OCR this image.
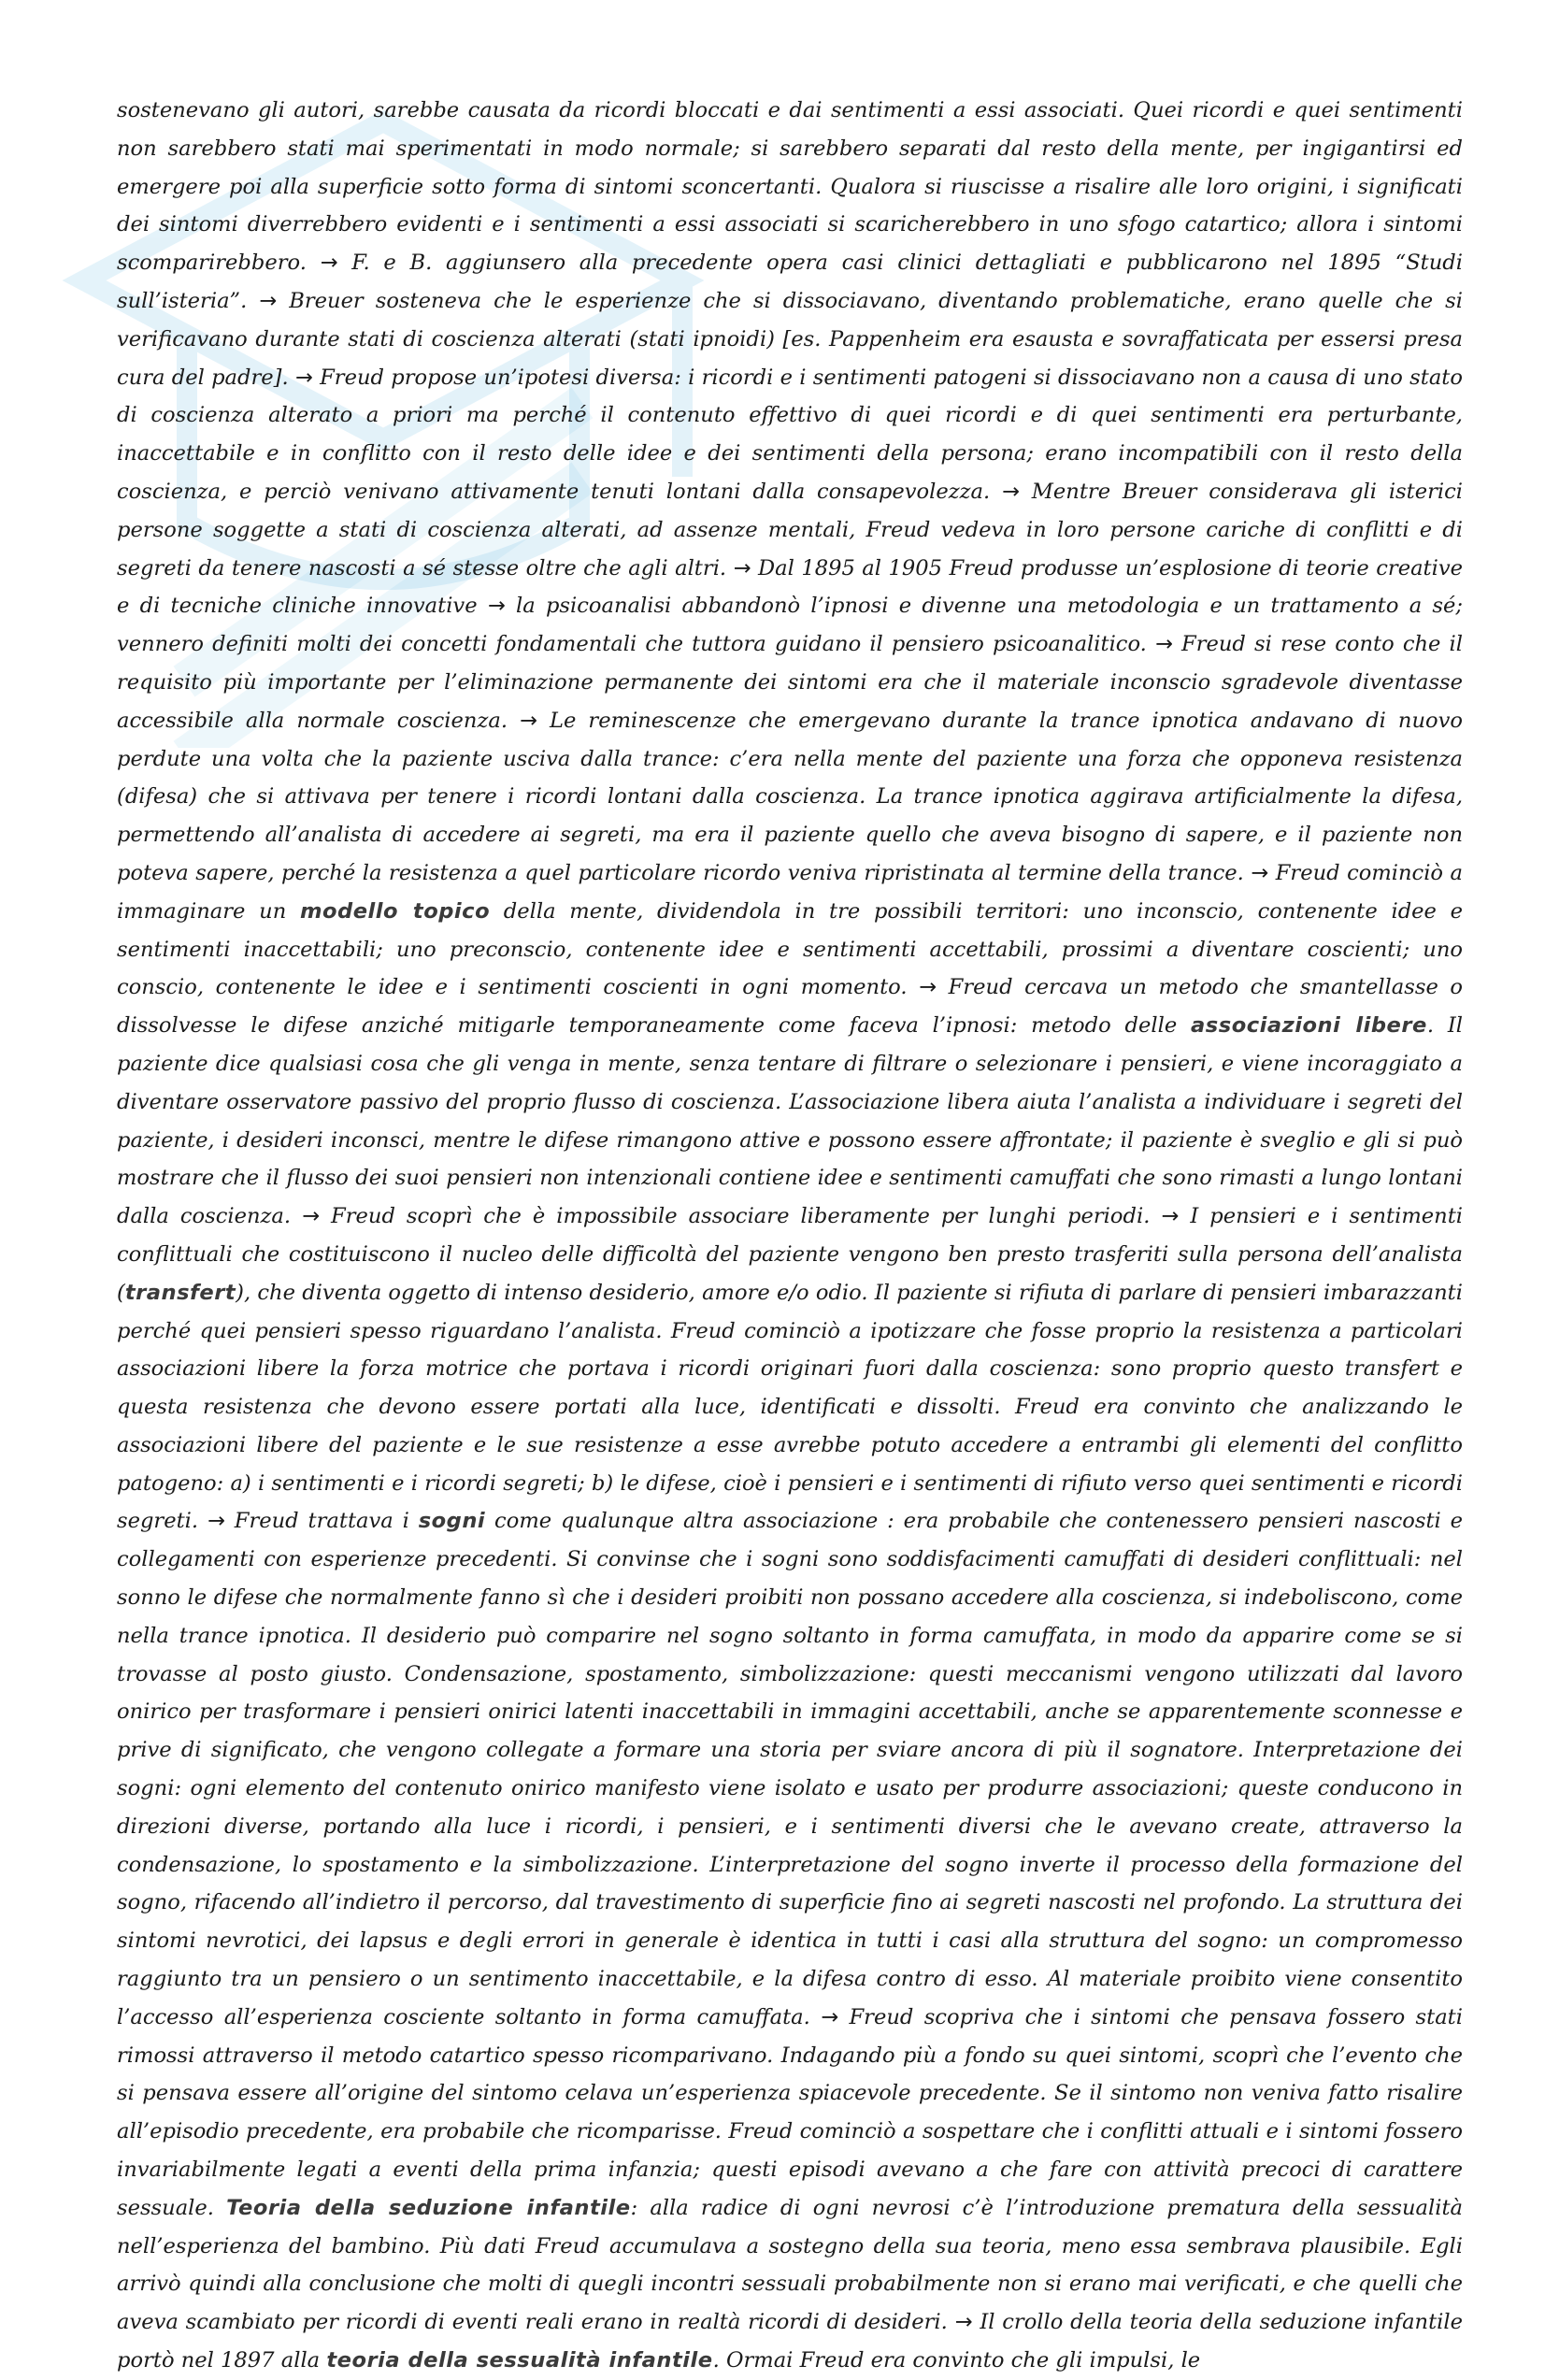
sostenevano gli autori, sarebbe causata da ricordi bloccati e dai sentimenti a essi associati. Quei ricordi e quei sentimenti non sarebbero stati mai sperimentati in modo normale; si sarebbero separati dal resto della mente, per ingigantirsi ed emergere poi alla superficie sotto forma di sintomi sconcertanti. Qualora si riuscisse a risalire alle loro origini, i significati dei sintomi diverrebbero evidenti e i sentimenti a essi associati si scaricherebbero in uno sfogo catartico; allora i sintomi scomparirebbero. → F. e B. aggiunsero alla precedente opera casi clinici dettagliati e pubblicarono nel 1895 “Studi sull’isteria”. → Breuer sosteneva che le esperienze che si dissociavano, diventando problematiche, erano quelle che si verificavano durante stati di coscienza alterati (stati ipnoidi) [es. Pappenheim era esausta e sovraffaticata per essersi presa cura del padre]. → Freud propose un’ipotesi diversa: i ricordi e i sentimenti patogeni si dissociavano non a causa di uno stato di coscienza alterato a priori ma perché il contenuto effettivo di quei ricordi e di quei sentimenti era perturbante, inaccettabile e in conflitto con il resto delle idee e dei sentimenti della persona; erano incompatibili con il resto della coscienza, e perciò venivano attivamente tenuti lontani dalla consapevolezza. → Mentre Breuer considerava gli isterici persone soggette a stati di coscienza alterati, ad assenze mentali, Freud vedeva in loro persone cariche di conflitti e di segreti da tenere nascosti a sé stesse oltre che agli altri. → Dal 1895 al 1905 Freud produsse un’esplosione di teorie creative e di tecniche cliniche innovative → la psicoanalisi abbandonò l’ipnosi e divenne una metodologia e un trattamento a sé; vennero definiti molti dei concetti fondamentali che tuttora guidano il pensiero psicoanalitico. → Freud si rese conto che il requisito più importante per l’eliminazione permanente dei sintomi era che il materiale inconscio sgradevole diventasse accessibile alla normale coscienza. → Le reminescenze che emergevano durante la trance ipnotica andavano di nuovo perdute una volta che la paziente usciva dalla trance: c’era nella mente del paziente una forza che opponeva resistenza (difesa) che si attivava per tenere i ricordi lontani dalla coscienza. La trance ipnotica aggirava artificialmente la difesa, permettendo all’analista di accedere ai segreti, ma era il paziente quello che aveva bisogno di sapere, e il paziente non poteva sapere, perché la resistenza a quel particolare ricordo veniva ripristinata al termine della trance. → Freud cominciò a immaginare un modello topico della mente, dividendola in tre possibili territori: uno inconscio, contenente idee e sentimenti inaccettabili; uno preconscio, contenente idee e sentimenti accettabili, prossimi a diventare coscienti; uno conscio, contenente le idee e i sentimenti coscienti in ogni momento. → Freud cercava un metodo che smantellasse o dissolvesse le difese anziché mitigarle temporaneamente come faceva l’ipnosi: metodo delle associazioni libere. Il paziente dice qualsiasi cosa che gli venga in mente, senza tentare di filtrare o selezionare i pensieri, e viene incoraggiato a diventare osservatore passivo del proprio flusso di coscienza. L’associazione libera aiuta l’analista a individuare i segreti del paziente, i desideri inconsci, mentre le difese rimangono attive e possono essere affrontate; il paziente è sveglio e gli si può mostrare che il flusso dei suoi pensieri non intenzionali contiene idee e sentimenti camuffati che sono rimasti a lungo lontani dalla coscienza. → Freud scoprì che è impossibile associare liberamente per lunghi periodi. → I pensieri e i sentimenti conflittuali che costituiscono il nucleo delle difficoltà del paziente vengono ben presto trasferiti sulla persona dell’analista (transfert), che diventa oggetto di intenso desiderio, amore e/o odio. Il paziente si rifiuta di parlare di pensieri imbarazzanti perché quei pensieri spesso riguardano l’analista. Freud cominciò a ipotizzare che fosse proprio la resistenza a particolari associazioni libere la forza motrice che portava i ricordi originari fuori dalla coscienza: sono proprio questo transfert e questa resistenza che devono essere portati alla luce, identificati e dissolti. Freud era convinto che analizzando le associazioni libere del paziente e le sue resistenze a esse avrebbe potuto accedere a entrambi gli elementi del conflitto patogeno: a) i sentimenti e i ricordi segreti; b) le difese, cioè i pensieri e i sentimenti di rifiuto verso quei sentimenti e ricordi segreti. → Freud trattava i sogni come qualunque altra associazione : era probabile che contenessero pensieri nascosti e collegamenti con esperienze precedenti. Si convinse che i sogni sono soddisfacimenti camuffati di desideri conflittuali: nel sonno le difese che normalmente fanno sì che i desideri proibiti non possano accedere alla coscienza, si indeboliscono, come nella trance ipnotica. Il desiderio può comparire nel sogno soltanto in forma camuffata, in modo da apparire come se si trovasse al posto giusto. Condensazione, spostamento, simbolizzazione: questi meccanismi vengono utilizzati dal lavoro onirico per trasformare i pensieri onirici latenti inaccettabili in immagini accettabili, anche se apparentemente sconnesse e prive di significato, che vengono collegate a formare una storia per sviare ancora di più il sognatore. Interpretazione dei sogni: ogni elemento del contenuto onirico manifesto viene isolato e usato per produrre associazioni; queste conducono in direzioni diverse, portando alla luce i ricordi, i pensieri, e i sentimenti diversi che le avevano create, attraverso la condensazione, lo spostamento e la simbolizzazione. L’interpretazione del sogno inverte il processo della formazione del sogno, rifacendo all’indietro il percorso, dal travestimento di superficie fino ai segreti nascosti nel profondo. La struttura dei sintomi nevrotici, dei lapsus e degli errori in generale è identica in tutti i casi alla struttura del sogno: un compromesso raggiunto tra un pensiero o un sentimento inaccettabile, e la difesa contro di esso. Al materiale proibito viene consentito l’accesso all’esperienza cosciente soltanto in forma camuffata. → Freud scopriva che i sintomi che pensava fossero stati rimossi attraverso il metodo catartico spesso ricomparivano. Indagando più a fondo su quei sintomi, scoprì che l’evento che si pensava essere all’origine del sintomo celava un’esperienza spiacevole precedente. Se il sintomo non veniva fatto risalire all’episodio precedente, era probabile che ricomparisse. Freud cominciò a sospettare che i conflitti attuali e i sintomi fossero invariabilmente legati a eventi della prima infanzia; questi episodi avevano a che fare con attività precoci di carattere sessuale. Teoria della seduzione infantile: alla radice di ogni nevrosi c’è l’introduzione prematura della sessualità nell’esperienza del bambino. Più dati Freud accumulava a sostegno della sua teoria, meno essa sembrava plausibile. Egli arrivò quindi alla conclusione che molti di quegli incontri sessuali probabilmente non si erano mai verificati, e che quelli che aveva scambiato per ricordi di eventi reali erano in realtà ricordi di desideri. → Il crollo della teoria della seduzione infantile portò nel 1897 alla teoria della sessualità infantile. Ormai Freud era convinto che gli impulsi, le
